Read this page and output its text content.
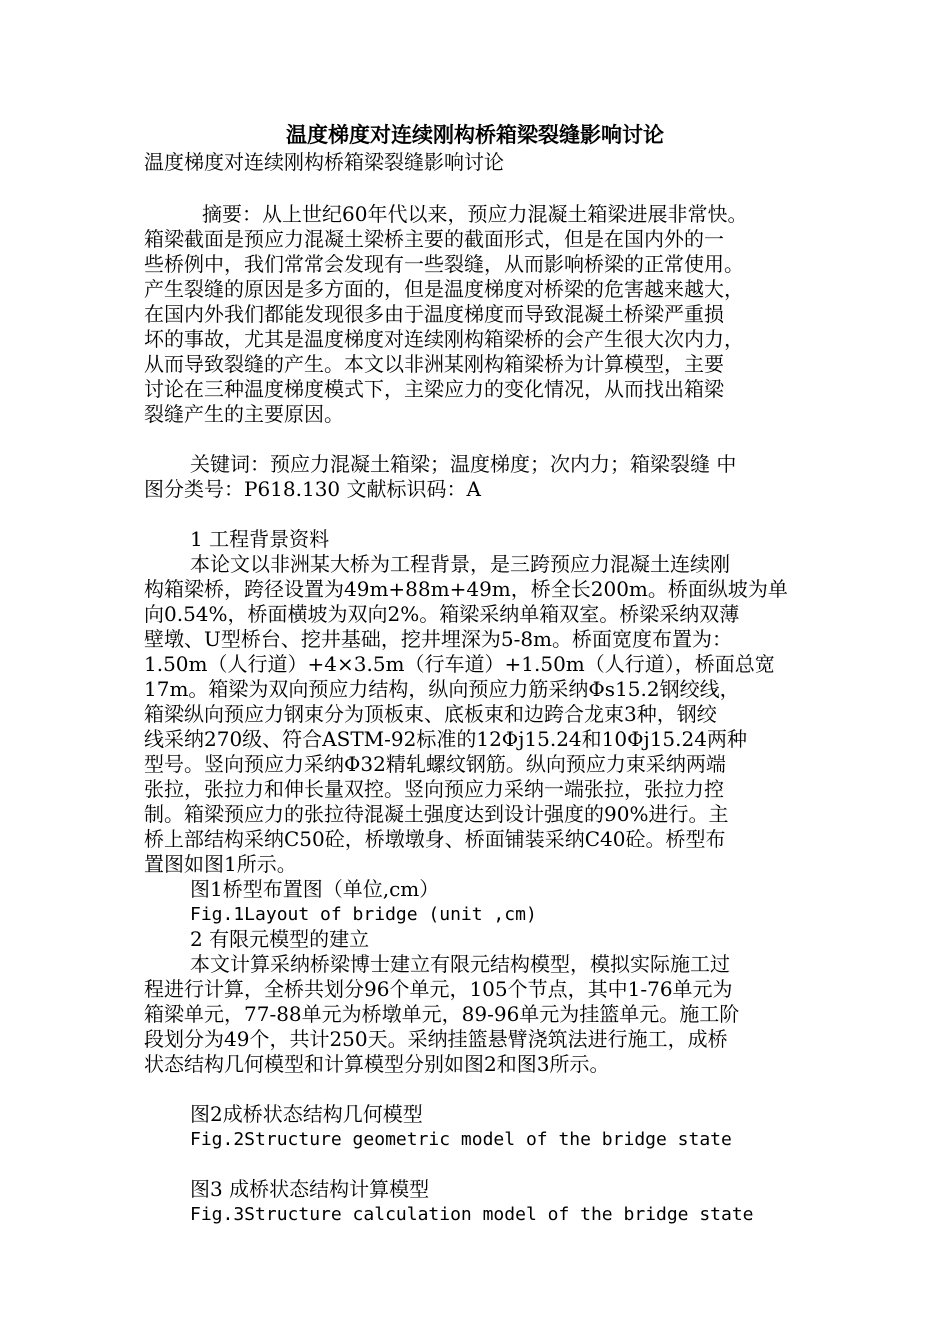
温度梯度对连续刚构桥箱梁裂缝影响讨论
温度梯度对连续刚构桥箱梁裂缝影响讨论
摘要：从上世纪60年代以来，预应力混凝土箱梁进展非常快。
箱梁截面是预应力混凝土梁桥主要的截面形式，但是在国内外的一
些桥例中，我们常常会发现有一些裂缝，从而影响桥梁的正常使用。
产生裂缝的原因是多方面的，但是温度梯度对桥梁的危害越来越大，
在国内外我们都能发现很多由于温度梯度而导致混凝土桥梁严重损
坏的事故，尤其是温度梯度对连续刚构箱梁桥的会产生很大次内力，
从而导致裂缝的产生。本文以非洲某刚构箱梁桥为计算模型，主要
讨论在三种温度梯度模式下，主梁应力的变化情况，从而找出箱梁
裂缝产生的主要原因。
关键词：预应力混凝土箱梁；温度梯度；次内力；箱梁裂缝 中
图分类号：P618.130 文献标识码：A
1 工程背景资料
本论文以非洲某大桥为工程背景，是三跨预应力混凝土连续刚
构箱梁桥，跨径设置为49m+88m+49m，桥全长200m。桥面纵坡为单
向0.54%，桥面横坡为双向2%。箱梁采纳单箱双室。桥梁采纳双薄
壁墩、U型桥台、挖井基础，挖井埋深为5-8m。桥面宽度布置为：
1.50m（人行道）+4×3.5m（行车道）+1.50m（人行道），桥面总宽
17m。箱梁为双向预应力结构，纵向预应力筋采纳Φs15.2钢绞线，
箱梁纵向预应力钢束分为顶板束、底板束和边跨合龙束3种，钢绞
线采纳270级、符合ASTM-92标准的12Φj15.24和10Φj15.24两种
型号。竖向预应力采纳Φ32精轧螺纹钢筋。纵向预应力束采纳两端
张拉，张拉力和伸长量双控。竖向预应力采纳一端张拉，张拉力控
制。箱梁预应力的张拉待混凝土强度达到设计强度的90%进行。主
桥上部结构采纳C50砼，桥墩墩身、桥面铺装采纳C40砼。桥型布
置图如图1所示。
图1桥型布置图（单位,cm）
Fig.1Layout of bridge (unit ,cm)
2 有限元模型的建立
本文计算采纳桥梁博士建立有限元结构模型，模拟实际施工过
程进行计算，全桥共划分96个单元，105个节点，其中1-76单元为
箱梁单元，77-88单元为桥墩单元，89-96单元为挂篮单元。施工阶
段划分为49个，共计250天。采纳挂篮悬臂浇筑法进行施工，成桥
状态结构几何模型和计算模型分别如图2和图3所示。
图2成桥状态结构几何模型
Fig.2Structure geometric model of the bridge state
图3 成桥状态结构计算模型
Fig.3Structure calculation model of the bridge state
